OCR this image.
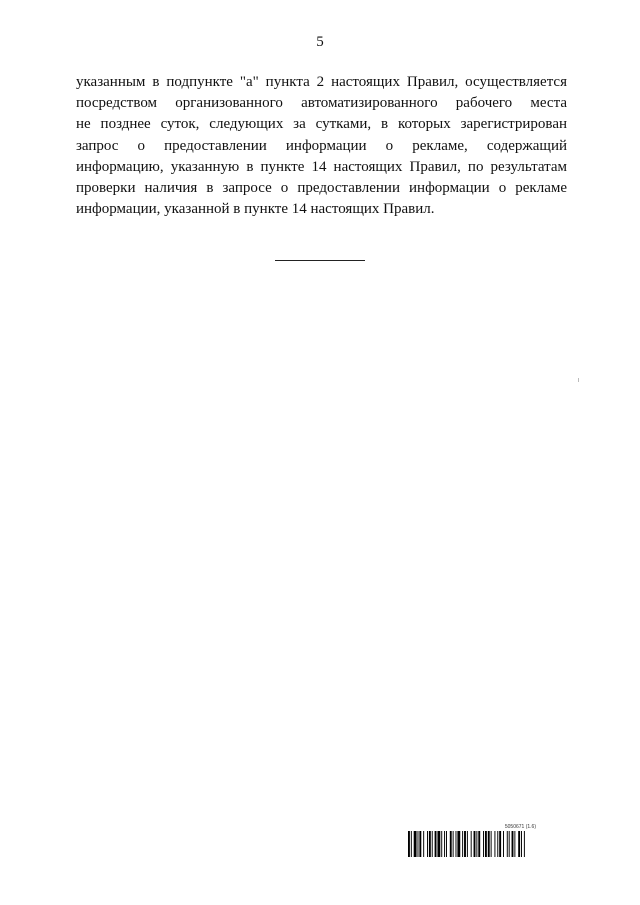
5
указанным в подпункте "а" пункта 2 настоящих Правил, осуществляется
посредством организованного автоматизированного рабочего места
не позднее суток, следующих за сутками, в которых зарегистрирован
запрос о предоставлении информации о рекламе, содержащий
информацию, указанную в пункте 14 настоящих Правил, по результатам
проверки наличия в запросе о предоставлении информации о рекламе
информации, указанной в пункте 14 настоящих Правил.
5050671 (1.6)
